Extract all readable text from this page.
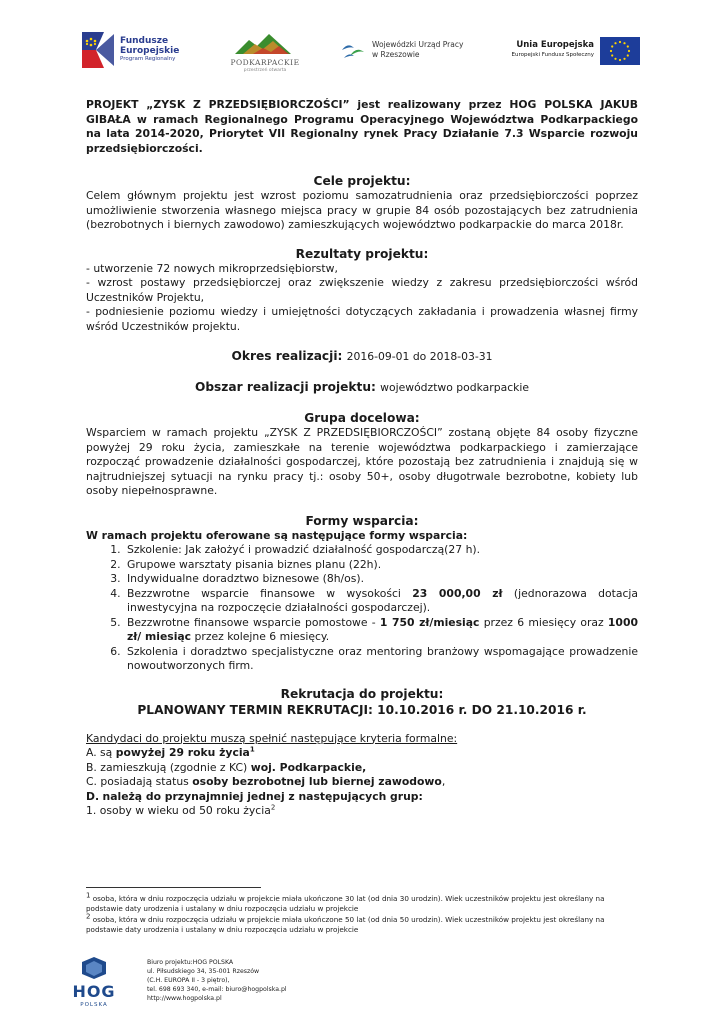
Fundusze
Europejskie
Program Regionalny	PODKARPACKIE
przestrzeń otwarta
Wojewódzki Urząd Pracy
w Rzeszowie
Unia Europejska
Europejski Fundusz Społeczny

PROJEKT „ZYSK Z PRZEDSIĘBIORCZOŚCI” jest realizowany przez HOG POLSKA JAKUB GIBAŁA w ramach Regionalnego Programu Operacyjnego Województwa Podkarpackiego na lata 2014-2020, Priorytet VII Regionalny rynek Pracy Działanie 7.3 Wsparcie rozwoju przedsiębiorczości.

Cele projektu:

Celem głównym projektu jest wzrost poziomu samozatrudnienia oraz przedsiębiorczości poprzez umożliwienie stworzenia własnego miejsca pracy w grupie 84 osób pozostających bez zatrudnienia (bezrobotnych i biernych zawodowo) zamieszkujących województwo podkarpackie do marca 2018r.

Rezultaty projektu:

- utworzenie 72 nowych mikroprzedsiębiorstw,

- wzrost postawy przedsiębiorczej oraz zwiększenie wiedzy z zakresu przedsiębiorczości wśród Uczestników Projektu,

- podniesienie poziomu wiedzy i umiejętności dotyczących zakładania i prowadzenia własnej firmy wśród Uczestników projektu.

Okres realizacji: 2016-09-01 do 2018-03-31
Obszar realizacji projektu: województwo podkarpackie
Grupa docelowa:

Wsparciem w ramach projektu „ZYSK Z PRZEDSIĘBIORCZOŚCI” zostaną objęte 84 osoby fizyczne powyżej 29 roku życia, zamieszkałe na terenie województwa podkarpackiego i zamierzające rozpocząć prowadzenie działalności gospodarczej, które pozostają bez zatrudnienia i znajdują się w najtrudniejszej sytuacji na rynku pracy tj.: osoby 50+, osoby długotrwale bezrobotne, kobiety lub osoby niepełnosprawne.

Formy wsparcia:

W ramach projektu oferowane są następujące formy wsparcia:

1. Szkolenie: Jak założyć i prowadzić działalność gospodarczą(27 h).
2. Grupowe warsztaty pisania biznes planu (22h).
3. Indywidualne doradztwo biznesowe (8h/os).
4. Bezzwrotne wsparcie finansowe w wysokości 23 000,00 zł (jednorazowa dotacja inwestycyjna na rozpoczęcie działalności gospodarczej).
5. Bezzwrotne finansowe wsparcie pomostowe - 1 750 zł/miesiąc przez 6 miesięcy oraz 1000 zł/ miesiąc przez kolejne 6 miesięcy.
6. Szkolenia i doradztwo specjalistyczne oraz mentoring branżowy wspomagające prowadzenie nowoutworzonych firm.
Rekrutacja do projektu:
PLANOWANY TERMIN REKRUTACJI: 10.10.2016 r. DO 21.10.2016 r.

Kandydaci do projektu muszą spełnić następujące kryteria formalne:

A. są powyżej 29 roku życia$^1$

B. zamieszkują (zgodnie z KC) woj. Podkarpackie,

C. posiadają status osoby bezrobotnej lub biernej zawodowo,

D. należą do przynajmniej jednej z następujących grup:

1. osoby w wieku od 50 roku życia$^2$

$^1$ osoba, która w dniu rozpoczęcia udziału w projekcie miała ukończone 30 lat (od dnia 30 urodzin). Wiek uczestników projektu jest określany na podstawie daty urodzenia i ustalany w dniu rozpoczęcia udziału w projekcie
$^2$ osoba, która w dniu rozpoczęcia udziału w projekcie miała ukończone 50 lat (od dnia 50 urodzin). Wiek uczestników projektu jest określany na podstawie daty urodzenia i ustalany w dniu rozpoczęcia udziału w projekcie
HOG
POLSKA
Biuro projektu:HOG POLSKA
ul. Piłsudskiego 34, 35-001 Rzeszów
(C.H. EUROPA II - 3 piętro),
tel. 698 693 340, e-mail: biuro@hogpolska.pl
http://www.hogpolska.pl
